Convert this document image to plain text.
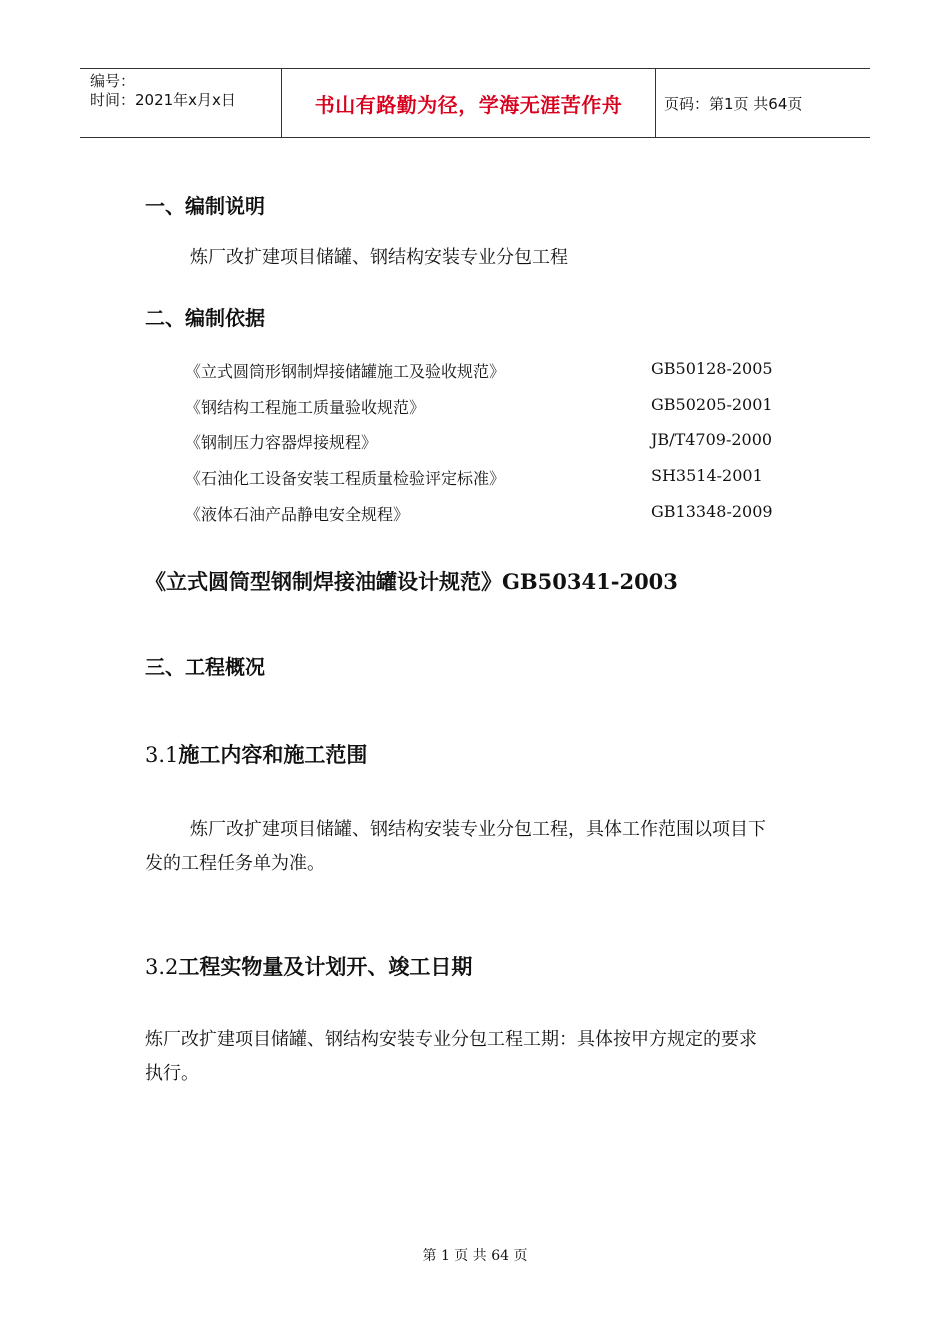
编号：
时间：2021年x月x日	书山有路勤为径，学海无涯苦作舟	页码：第1页 共64页
一、编制说明
炼厂改扩建项目储罐、钢结构安装专业分包工程
二、编制依据
《立式圆筒形钢制焊接储罐施工及验收规范》	GB50128-2005
《钢结构工程施工质量验收规范》	GB50205-2001
《钢制压力容器焊接规程》	JB/T4709-2000
《石油化工设备安装工程质量检验评定标准》	SH3514-2001
《液体石油产品静电安全规程》	GB13348-2009
《立式圆筒型钢制焊接油罐设计规范》GB50341-2003
三、工程概况
3.1施工内容和施工范围
炼厂改扩建项目储罐、钢结构安装专业分包工程，具体工作范围以项目下
发的工程任务单为准。
3.2工程实物量及计划开、竣工日期
炼厂改扩建项目储罐、钢结构安装专业分包工程工期：具体按甲方规定的要求
执行。
第 1 页 共 64 页
